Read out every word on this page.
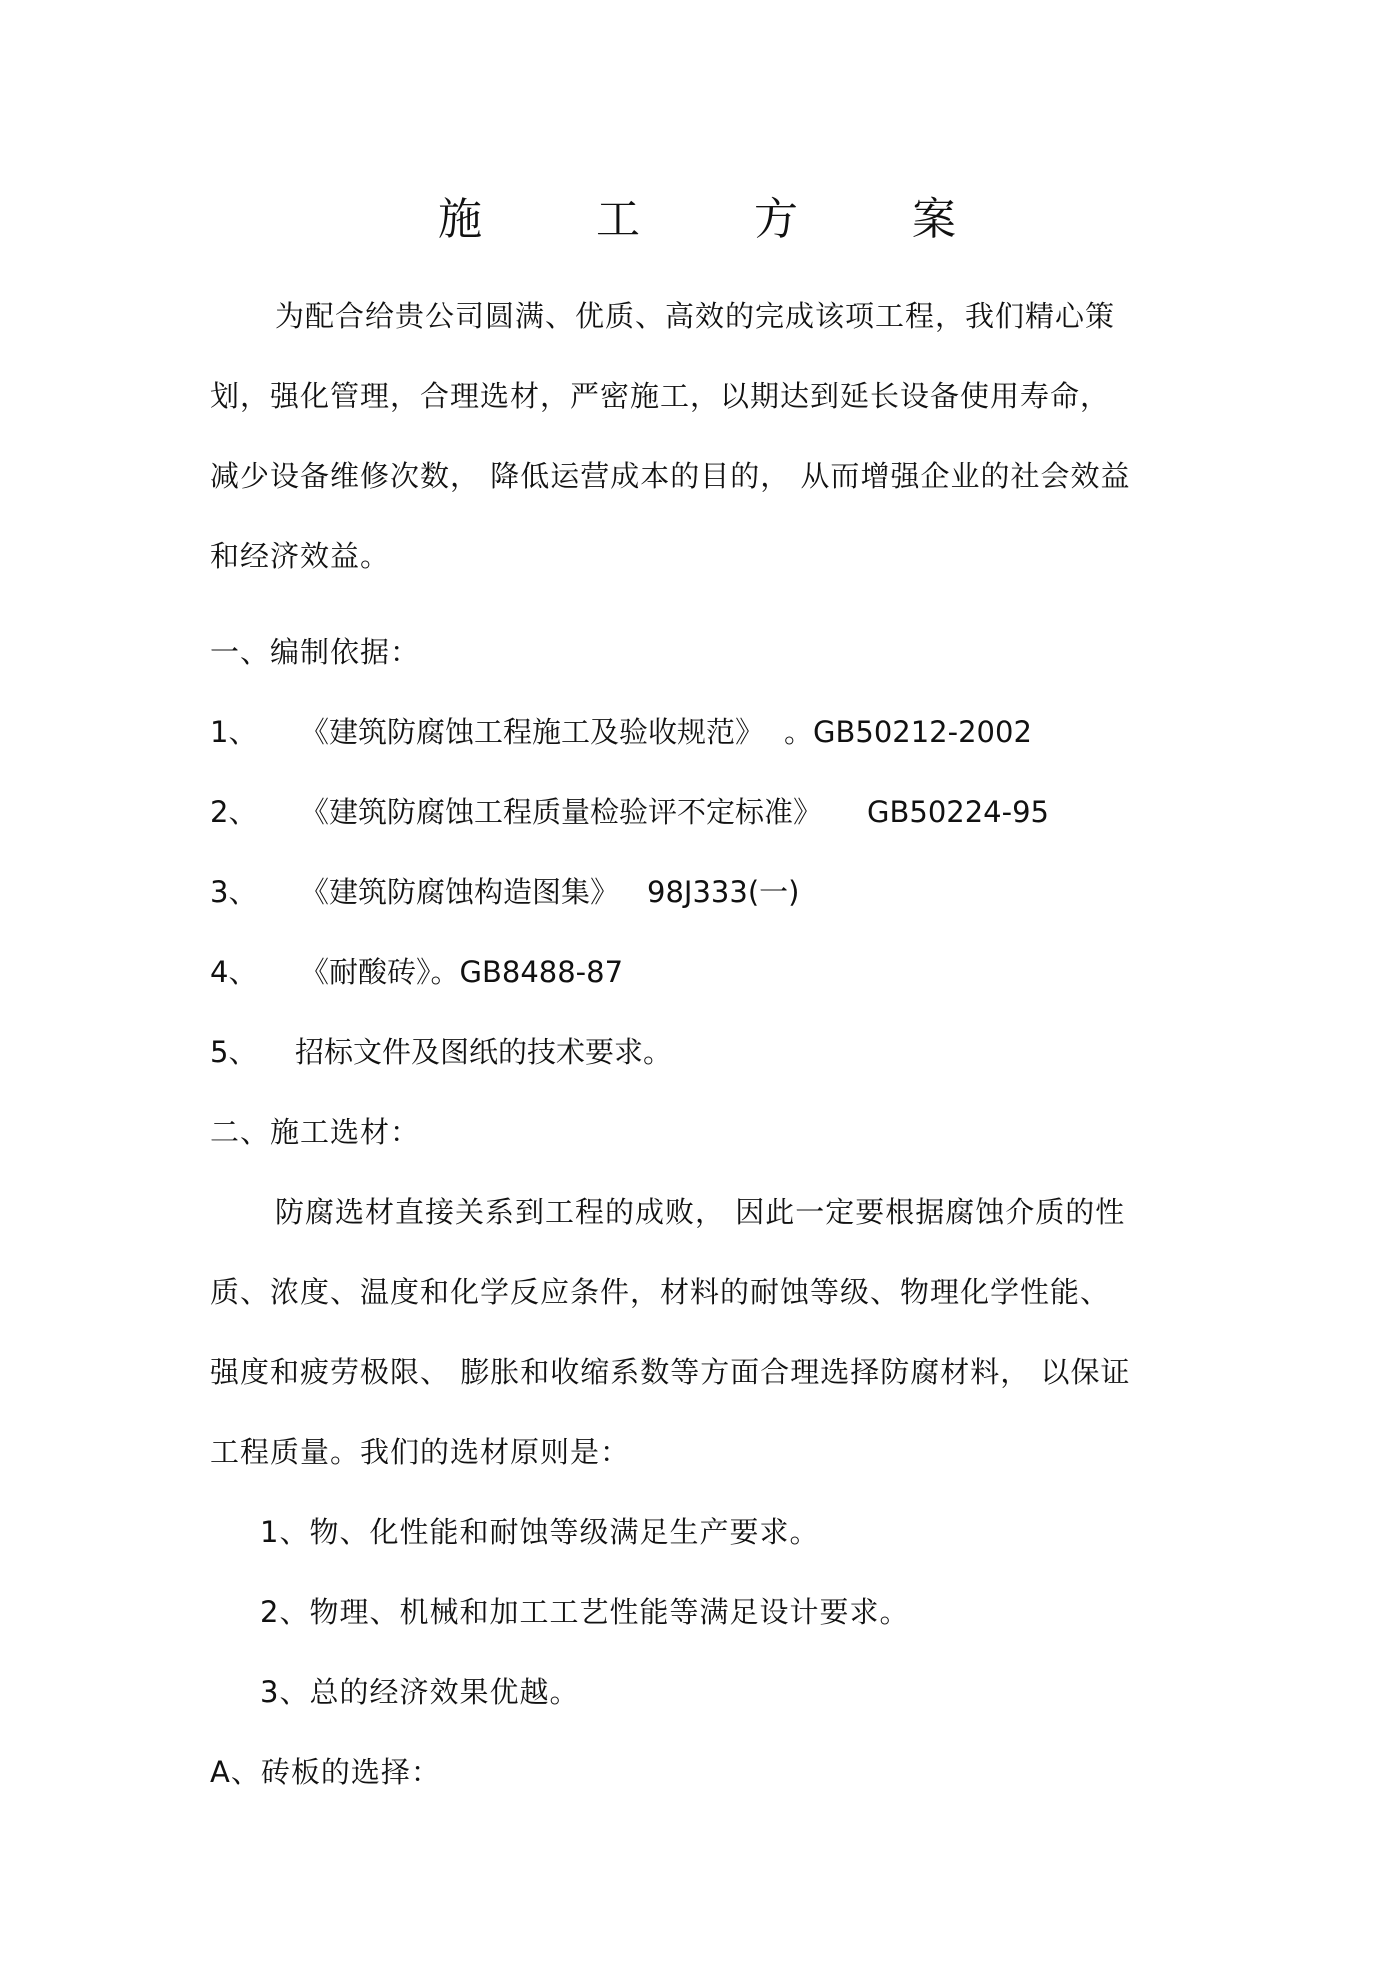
施 工 方 案
为配合给贵公司圆满、优质、高效的完成该项工程，我们精心策
划，强化管理，合理选材，严密施工，以期达到延长设备使用寿命，
减少设备维修次数， 降低运营成本的目的， 从而增强企业的社会效益
和经济效益。
一、编制依据：
1、 《建筑防腐蚀工程施工及验收规范》 。GB50212-2002
2、 《建筑防腐蚀工程质量检验评不定标准》 GB50224-95
3、 《建筑防腐蚀构造图集》 98J333(一)
4、 《耐酸砖》。GB8488-87
5、 招标文件及图纸的技术要求。
二、施工选材：
防腐选材直接关系到工程的成败， 因此一定要根据腐蚀介质的性
质、浓度、温度和化学反应条件，材料的耐蚀等级、物理化学性能、
强度和疲劳极限、 膨胀和收缩系数等方面合理选择防腐材料， 以保证
工程质量。我们的选材原则是：
1、物、化性能和耐蚀等级满足生产要求。
2、物理、机械和加工工艺性能等满足设计要求。
3、总的经济效果优越。
A、砖板的选择：
